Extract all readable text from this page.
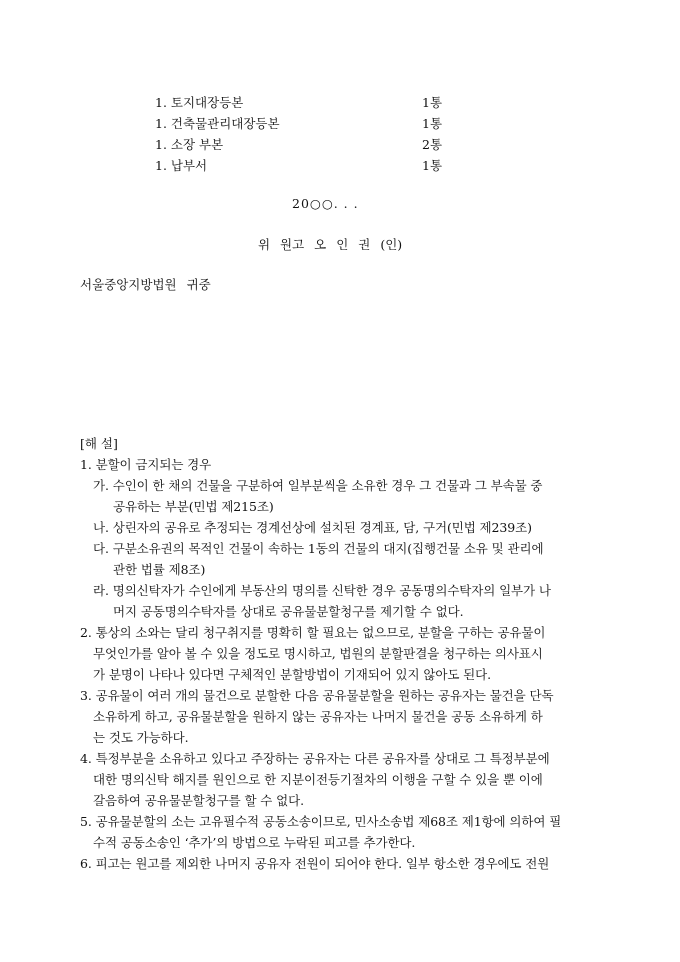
1. 토지대장등본	1통
1. 건축물관리대장등본	1통
1. 소장 부본	2통
1. 납부서	1통
20○○. . .
위 원고 오 인 권 (인)
서울중앙지방법원 귀중
[해 설]
1. 분할이 금지되는 경우
가. 수인이 한 채의 건물을 구분하여 일부분씩을 소유한 경우 그 건물과 그 부속물 중
공유하는 부분(민법 제215조)
나. 상린자의 공유로 추정되는 경계선상에 설치된 경계표, 담, 구거(민법 제239조)
다. 구분소유권의 목적인 건물이 속하는 1동의 건물의 대지(집행건물 소유 및 관리에
관한 법률 제8조)
라. 명의신탁자가 수인에게 부동산의 명의를 신탁한 경우 공동명의수탁자의 일부가 나
머지 공동명의수탁자를 상대로 공유물분할청구를 제기할 수 없다.
2. 통상의 소와는 달리 청구취지를 명확히 할 필요는 없으므로, 분할을 구하는 공유물이
무엇인가를 알아 볼 수 있을 정도로 명시하고, 법원의 분할판결을 청구하는 의사표시
가 분명이 나타나 있다면 구체적인 분할방법이 기재되어 있지 않아도 된다.
3. 공유물이 여러 개의 물건으로 분할한 다음 공유물분할을 원하는 공유자는 물건을 단독
소유하게 하고, 공유물분할을 원하지 않는 공유자는 나머지 물건을 공동 소유하게 하
는 것도 가능하다.
4. 특정부분을 소유하고 있다고 주장하는 공유자는 다른 공유자를 상대로 그 특정부분에
대한 명의신탁 해지를 원인으로 한 지분이전등기절차의 이행을 구할 수 있을 뿐 이에
갈음하여 공유물분할청구를 할 수 없다.
5. 공유물분할의 소는 고유필수적 공동소송이므로, 민사소송법 제68조 제1항에 의하여 필
수적 공동소송인 ‘추가’의 방법으로 누락된 피고를 추가한다.
6. 피고는 원고를 제외한 나머지 공유자 전원이 되어야 한다. 일부 항소한 경우에도 전원
